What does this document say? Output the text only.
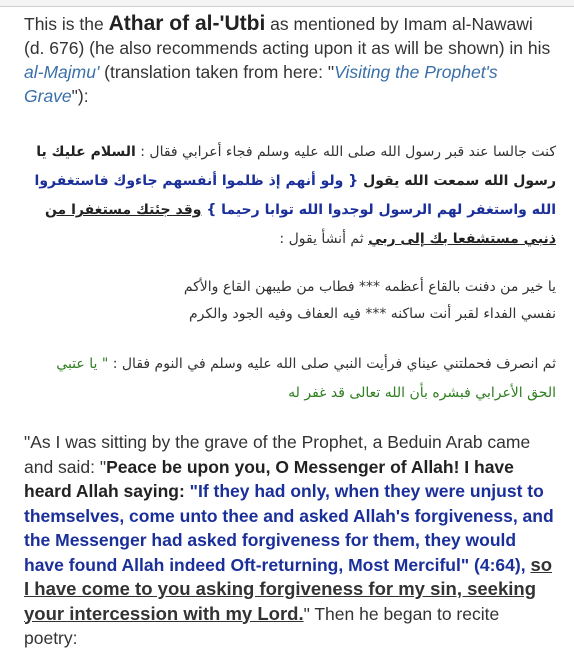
This is the Athar of al-'Utbi as mentioned by Imam al-Nawawi (d. 676) (he also recommends acting upon it as will be shown) in his al-Majmu' (translation taken from here: "Visiting the Prophet's Grave"):

كنت جالسا عند قبر رسول الله صلى الله عليه وسلم فجاء أعرابي فقال : السلام عليك يا رسول الله سمعت الله يقول { ولو أنهم إذ ظلموا أنفسهم جاءوك فاستغفروا الله واستغفر لهم الرسول لوجدوا الله توابا رحيما } وقد جئتك مستغفرا من ذنبي مستشفعا بك إلى ربي ثم أنشأ يقول :

يا خير من دفنت بالقاع أعظمه *** فطاب من طيبهن القاع والأكم
نفسي الفداء لقبر أنت ساكنه *** فيه العفاف وفيه الجود والكرم

ثم انصرف فحملتني عيناي فرأيت النبي صلى الله عليه وسلم في النوم فقال : " يا عتبي الحق الأعرابي فبشره بأن الله تعالى قد غفر له

"As I was sitting by the grave of the Prophet, a Beduin Arab came and said: "Peace be upon you, O Messenger of Allah! I have heard Allah saying: "If they had only, when they were unjust to themselves, come unto thee and asked Allah's forgiveness, and the Messenger had asked forgiveness for them, they would have found Allah indeed Oft-returning, Most Merciful" (4:64), so I have come to you asking forgiveness for my sin, seeking your intercession with my Lord." Then he began to recite poetry:
